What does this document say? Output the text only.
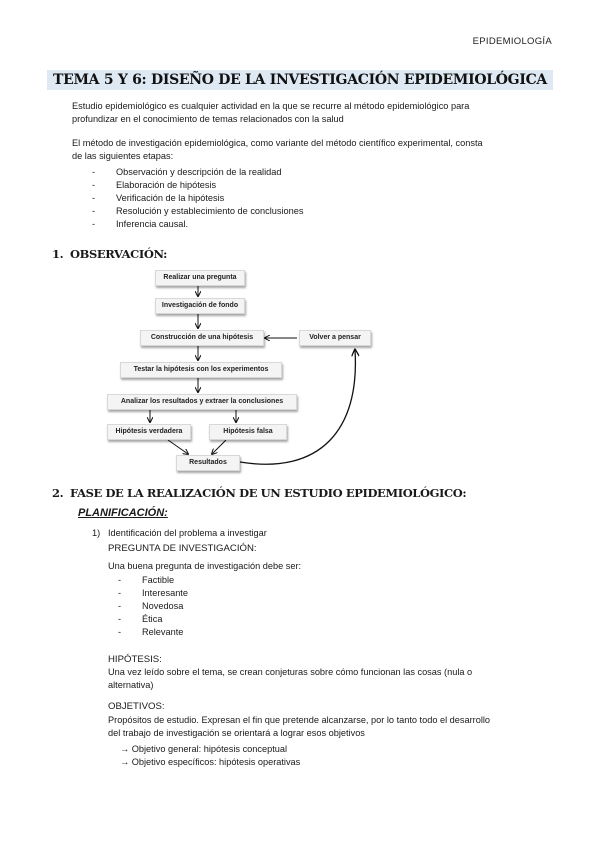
EPIDEMIOLOGÍA
TEMA 5 Y 6: DISEÑO DE LA INVESTIGACIÓN EPIDEMIOLÓGICA
Estudio epidemiológico es cualquier actividad en la que se recurre al método epidemiológico para
profundizar en el conocimiento de temas relacionados con la salud
El método de investigación epidemiológica, como variante del método científico experimental, consta
de las siguientes etapas:
- Observación y descripción de la realidad
- Elaboración de hipótesis
- Verificación de la hipótesis
- Resolución y establecimiento de conclusiones
- Inferencia causal.
1. OBSERVACIÓN:
Realizar una pregunta
Investigación de fondo
Construcción de una hipótesis	Volver a pensar
Testar la hipótesis con los experimentos
Analizar los resultados y extraer la conclusiones
Hipótesis verdadera	Hipótesis falsa
Resultados
2. FASE DE LA REALIZACIÓN DE UN ESTUDIO EPIDEMIOLÓGICO:
PLANIFICACIÓN:
1) Identificación del problema a investigar
PREGUNTA DE INVESTIGACIÓN:
Una buena pregunta de investigación debe ser:
- Factible
- Interesante
- Novedosa
- Ética
- Relevante
HIPÓTESIS:
Una vez leído sobre el tema, se crean conjeturas sobre cómo funcionan las cosas (nula o
alternativa)
OBJETIVOS:
Propósitos de estudio. Expresan el fin que pretende alcanzarse, por lo tanto todo el desarrollo
del trabajo de investigación se orientará a lograr esos objetivos
→ Objetivo general: hipótesis conceptual
→ Objetivo específicos: hipótesis operativas
